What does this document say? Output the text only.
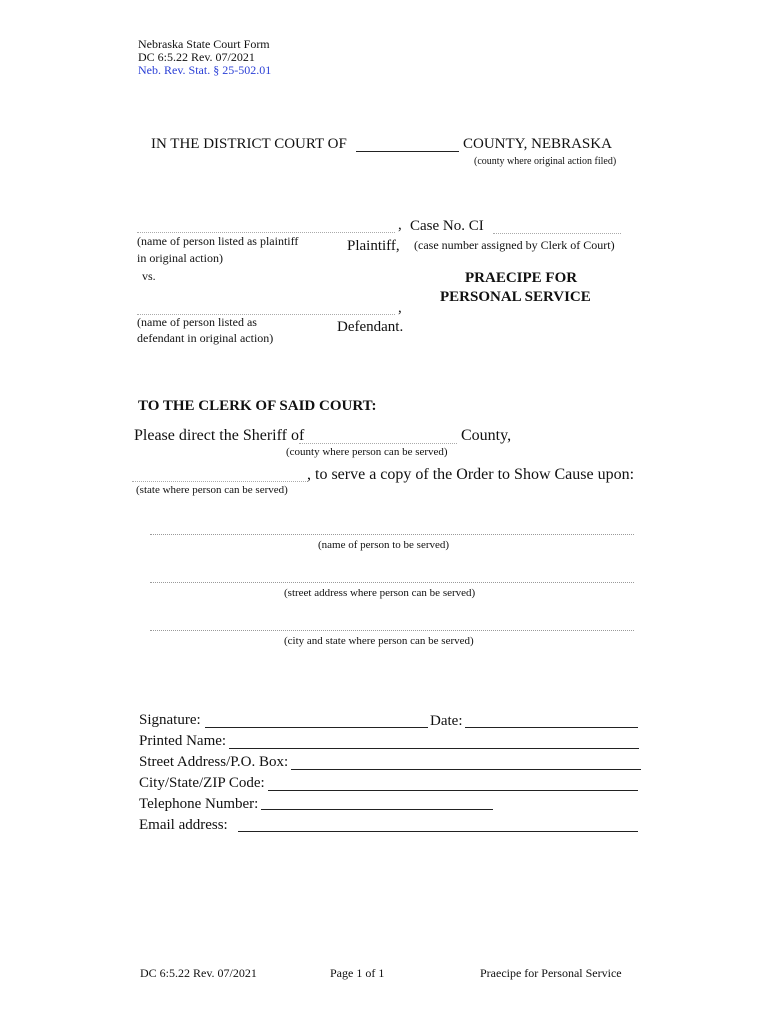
Nebraska State Court Form
DC 6:5.22 Rev. 07/2021
Neb. Rev. Stat. § 25-502.01
IN THE DISTRICT COURT OF	COUNTY, NEBRASKA
(county where original action filed)
, Case No. CI
(name of person listed as plaintiff
in original action)
Plaintiff, (case number assigned by Clerk of Court)
vs.	PRAECIPE FOR
PERSONAL SERVICE
,
(name of person listed as
defendant in original action)
Defendant.
TO THE CLERK OF SAID COURT:
Please direct the Sheriff of	County,
(county where person can be served)
, to serve a copy of the Order to Show Cause upon:
(state where person can be served)
(name of person to be served)
(street address where person can be served)
(city and state where person can be served)
Signature:	Date:
Printed Name:
Street Address/P.O. Box:
City/State/ZIP Code:
Telephone Number:
Email address:
DC 6:5.22 Rev. 07/2021	Page 1 of 1	Praecipe for Personal Service
